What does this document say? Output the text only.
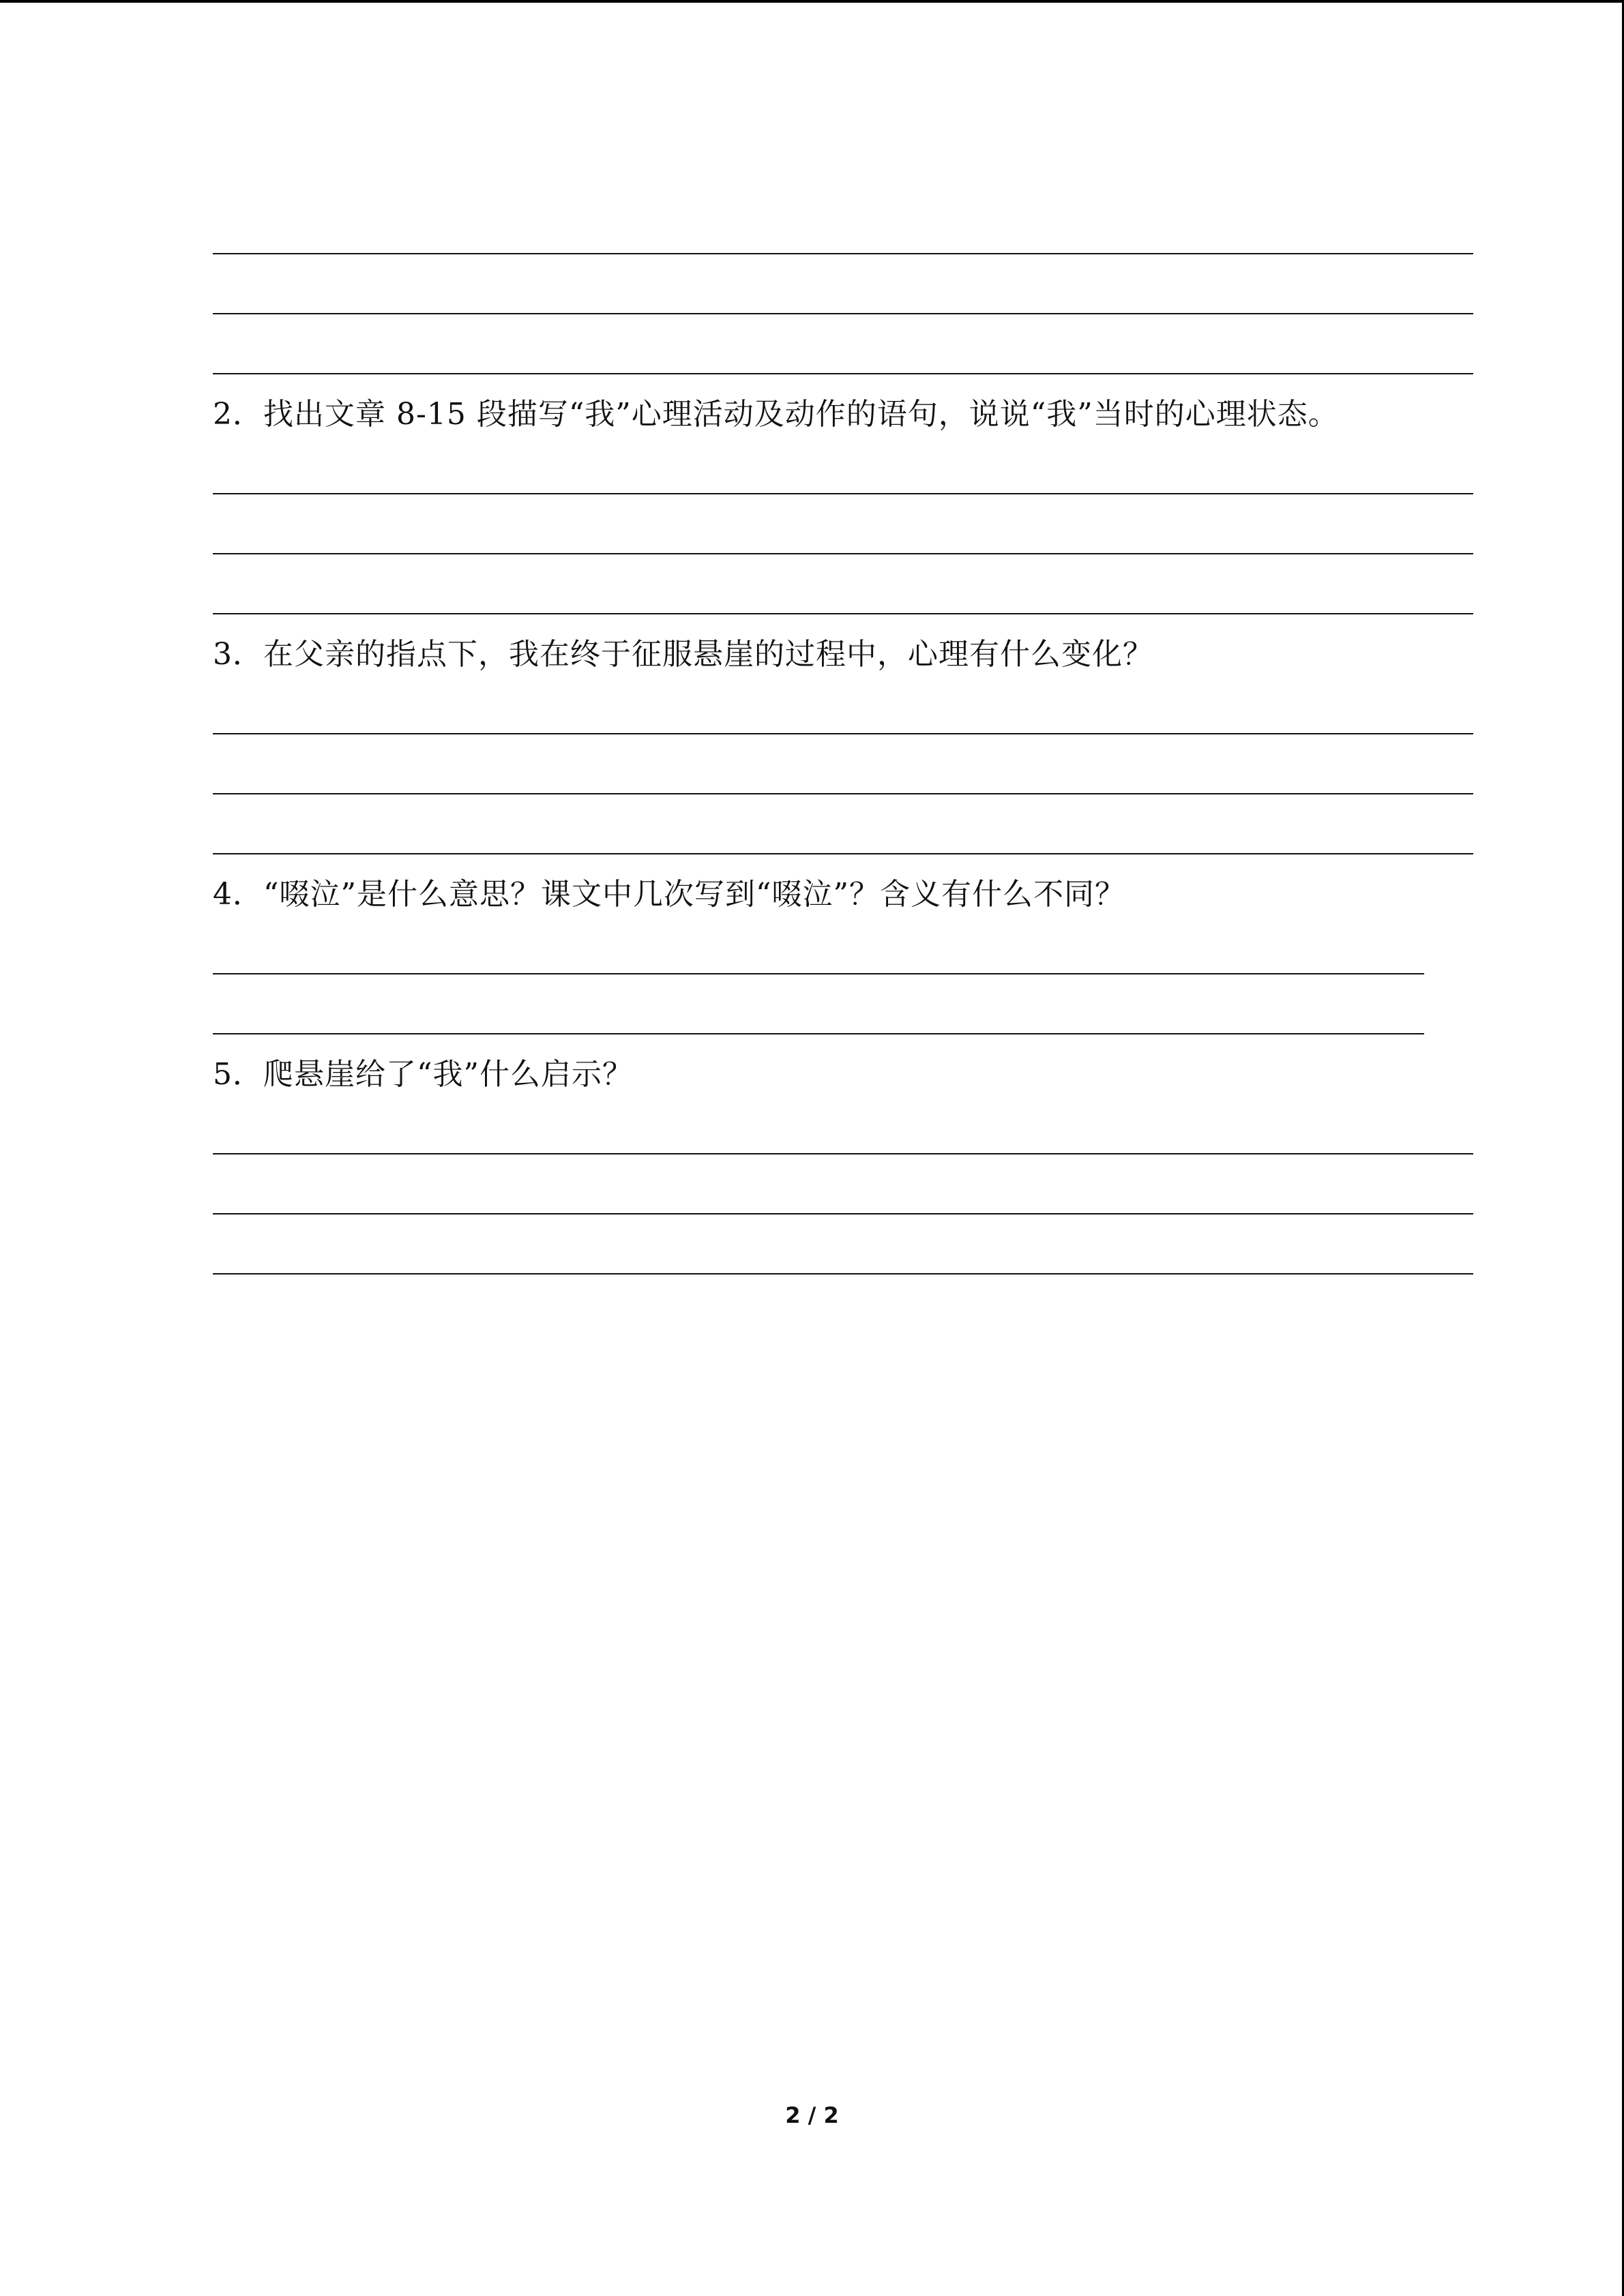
2．找出文章 8-15 段描写“我”心理活动及动作的语句，说说“我”当时的心理状态。
3．在父亲的指点下，我在终于征服悬崖的过程中，心理有什么变化？
4．“啜泣”是什么意思？课文中几次写到“啜泣”？含义有什么不同？
5．爬悬崖给了“我”什么启示？
2 / 2
